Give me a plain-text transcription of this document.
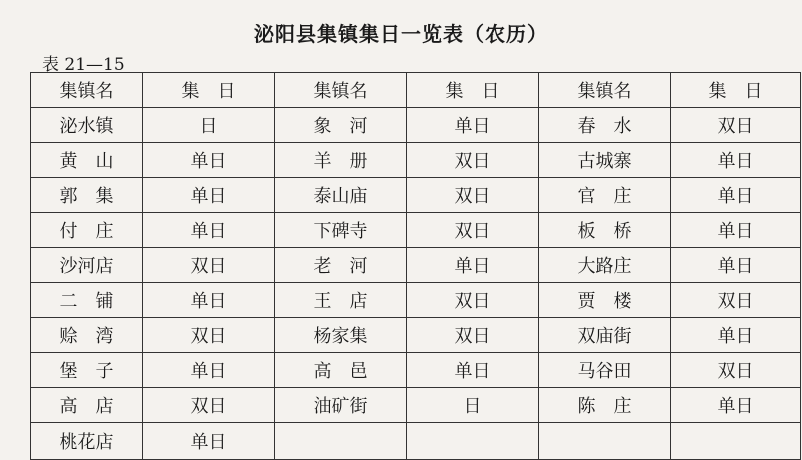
泌阳县集镇集日一览表（农历）
表 21—15
集镇名	集　日	集镇名	集　日	集镇名	集　日
泌水镇	日	象　河	单日	春　水	双日
黄　山	单日	羊　册	双日	古城寨	单日
郭　集	单日	泰山庙	双日	官　庄	单日
付　庄	单日	下碑寺	双日	板　桥	单日
沙河店	双日	老　河	单日	大路庄	单日
二　铺	单日	王　店	双日	贾　楼	双日
赊　湾	双日	杨家集	双日	双庙街	单日
堡　子	单日	高　邑	单日	马谷田	双日
高　店	双日	油矿街	日	陈　庄	单日
桃花店	单日				
